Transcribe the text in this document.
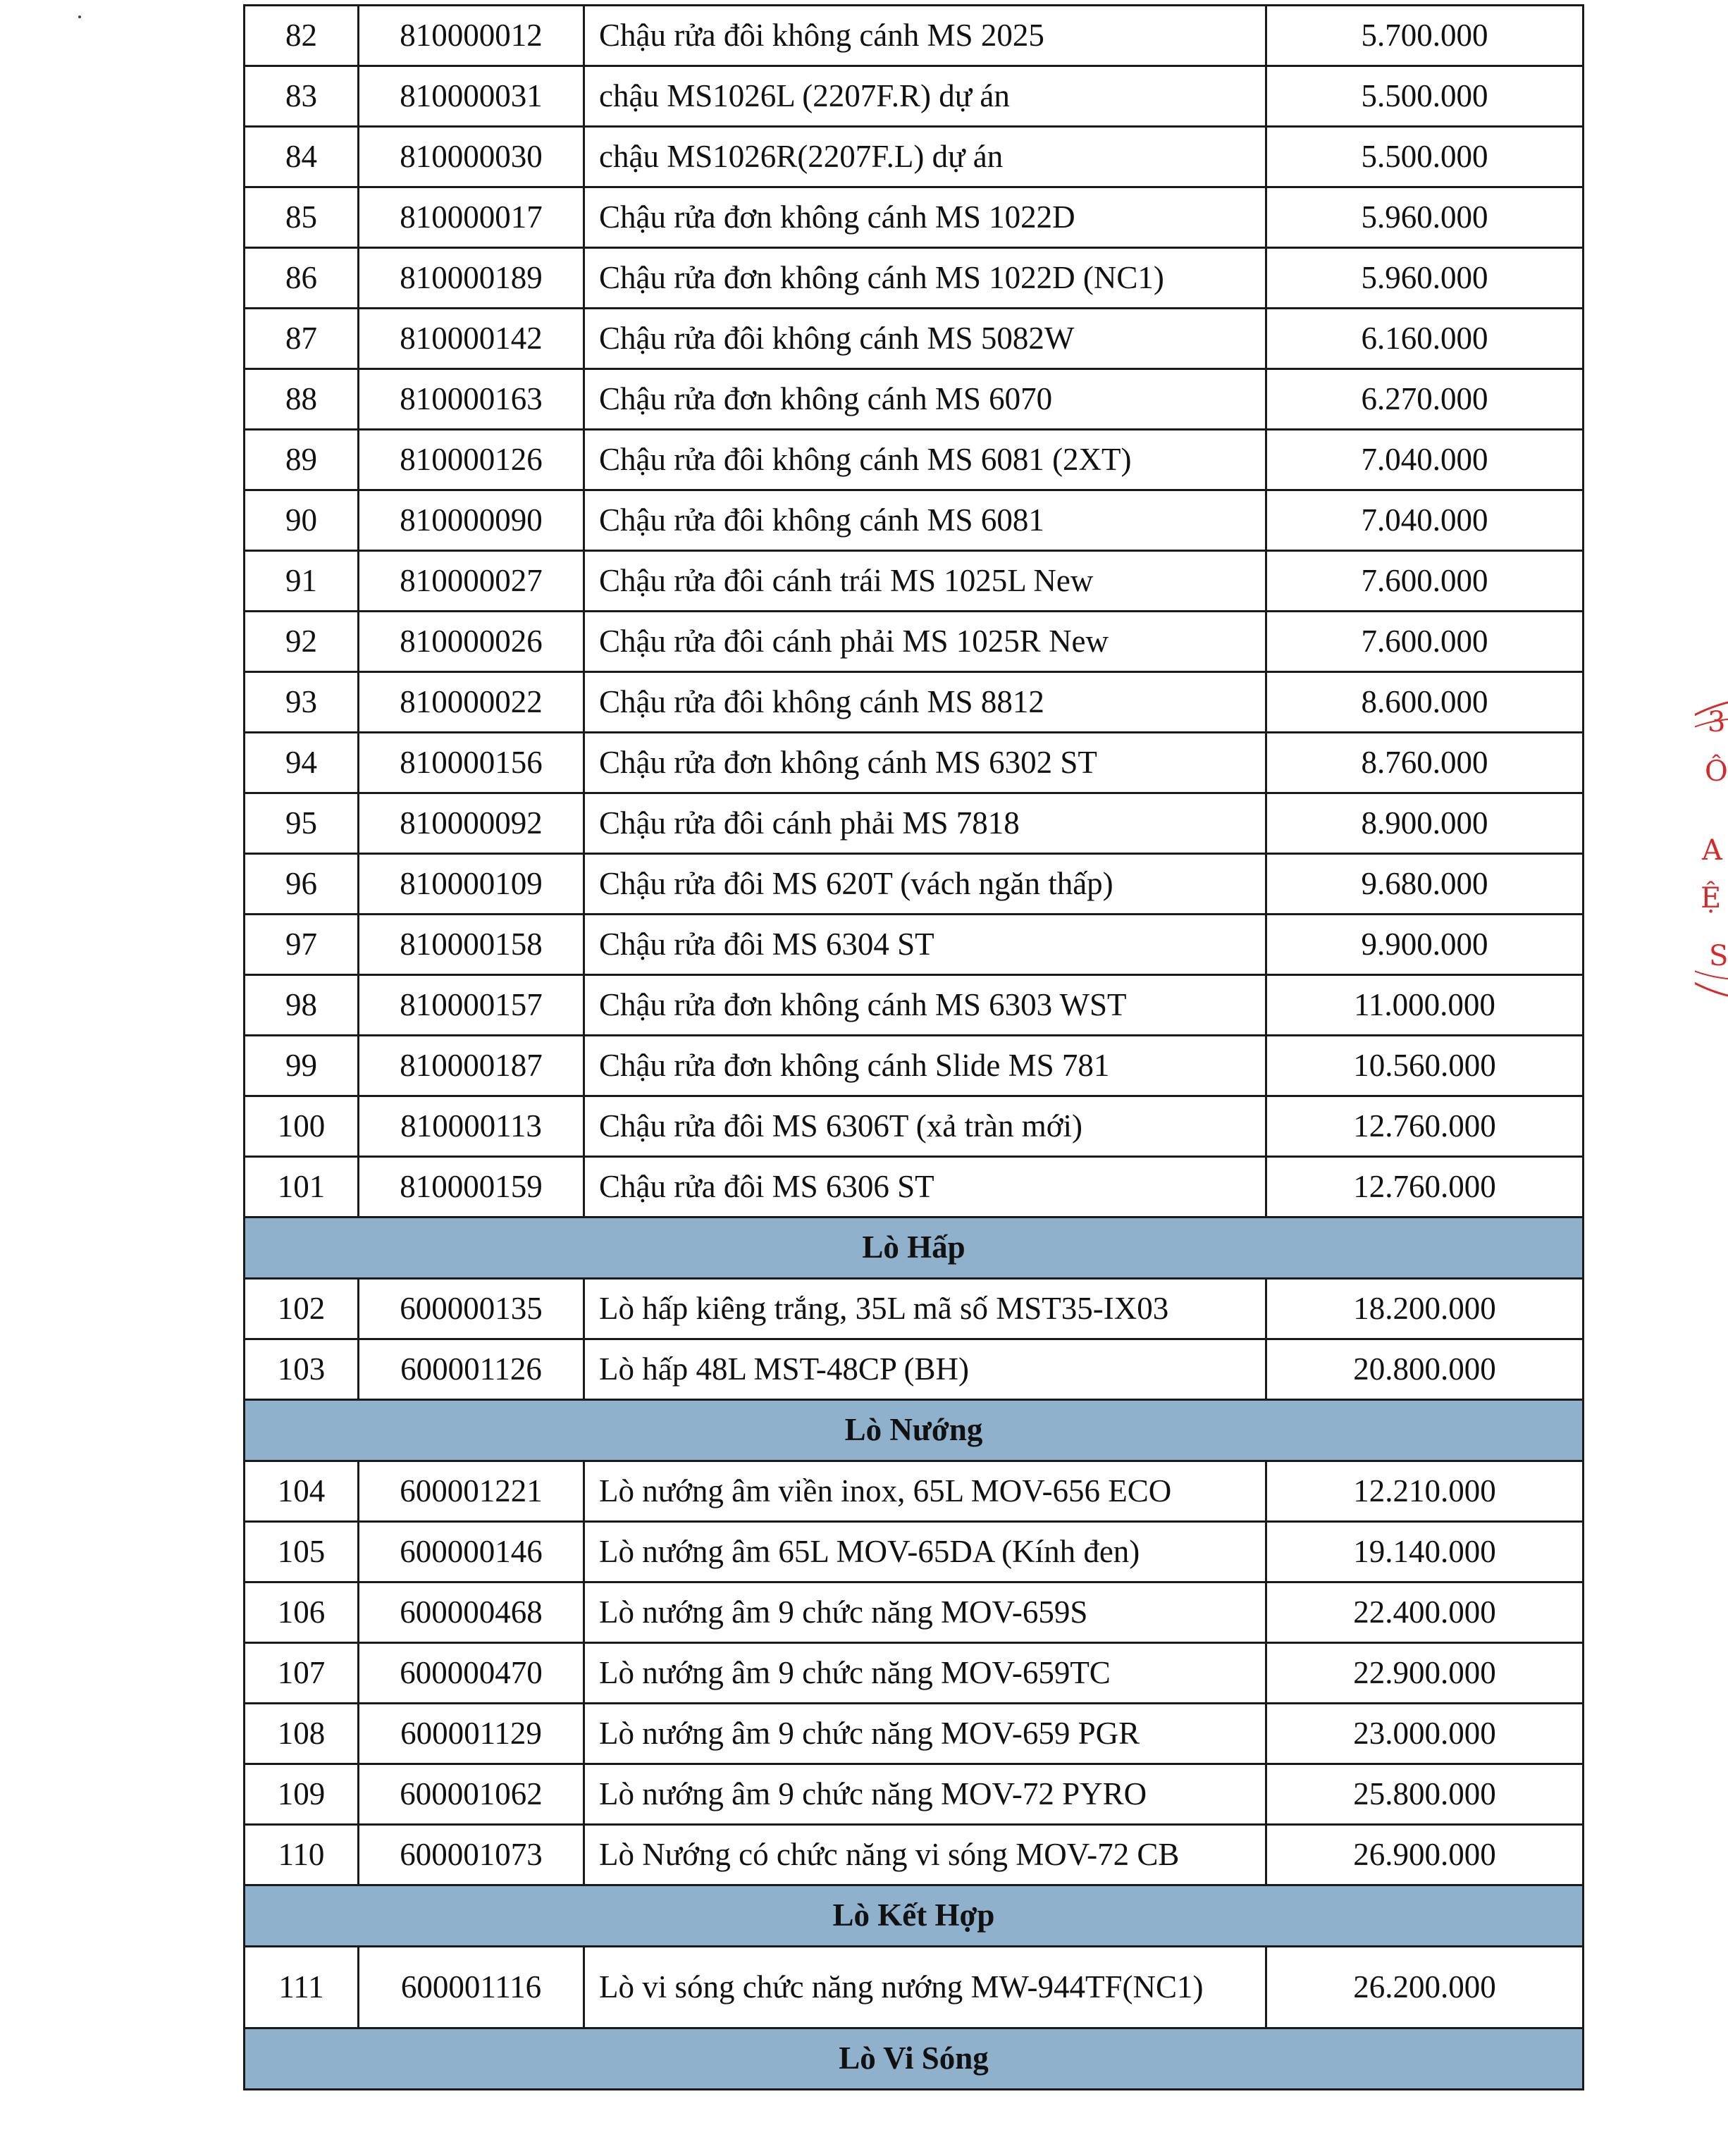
82	810000012	Chậu rửa đôi không cánh MS 2025	5.700.000
83	810000031	chậu MS1026L (2207F.R) dự án	5.500.000
84	810000030	chậu MS1026R(2207F.L) dự án	5.500.000
85	810000017	Chậu rửa đơn không cánh MS 1022D	5.960.000
86	810000189	Chậu rửa đơn không cánh MS 1022D (NC1)	5.960.000
87	810000142	Chậu rửa đôi không cánh MS 5082W	6.160.000
88	810000163	Chậu rửa đơn không cánh MS 6070	6.270.000
89	810000126	Chậu rửa đôi không cánh MS 6081 (2XT)	7.040.000
90	810000090	Chậu rửa đôi không cánh MS 6081	7.040.000
91	810000027	Chậu rửa đôi cánh trái MS 1025L New	7.600.000
92	810000026	Chậu rửa đôi cánh phải MS 1025R New	7.600.000
93	810000022	Chậu rửa đôi không cánh MS 8812	8.600.000
94	810000156	Chậu rửa đơn không cánh MS 6302 ST	8.760.000
95	810000092	Chậu rửa đôi cánh phải MS 7818	8.900.000
96	810000109	Chậu rửa đôi MS 620T (vách ngăn thấp)	9.680.000
97	810000158	Chậu rửa đôi MS 6304 ST	9.900.000
98	810000157	Chậu rửa đơn không cánh MS 6303 WST	11.000.000
99	810000187	Chậu rửa đơn không cánh Slide MS 781	10.560.000
100	810000113	Chậu rửa đôi MS 6306T (xả tràn mới)	12.760.000
101	810000159	Chậu rửa đôi MS 6306 ST	12.760.000
Lò Hấp			
102	600000135	Lò hấp kiêng trắng, 35L mã số MST35-IX03	18.200.000
103	600001126	Lò hấp 48L MST-48CP (BH)	20.800.000
Lò Nướng			
104	600001221	Lò nướng âm viền inox, 65L MOV-656 ECO	12.210.000
105	600000146	Lò nướng âm 65L MOV-65DA (Kính đen)	19.140.000
106	600000468	Lò nướng âm 9 chức năng MOV-659S	22.400.000
107	600000470	Lò nướng âm 9 chức năng MOV-659TC	22.900.000
108	600001129	Lò nướng âm 9 chức năng MOV-659 PGR	23.000.000
109	600001062	Lò nướng âm 9 chức năng MOV-72 PYRO	25.800.000
110	600001073	Lò Nướng có chức năng vi sóng MOV-72 CB	26.900.000
Lò Kết Hợp			
111	600001116	Lò vi sóng chức năng nướng MW-944TF(NC1)	26.200.000
Lò Vi Sóng			
3
Ô
A
Ệ
S
